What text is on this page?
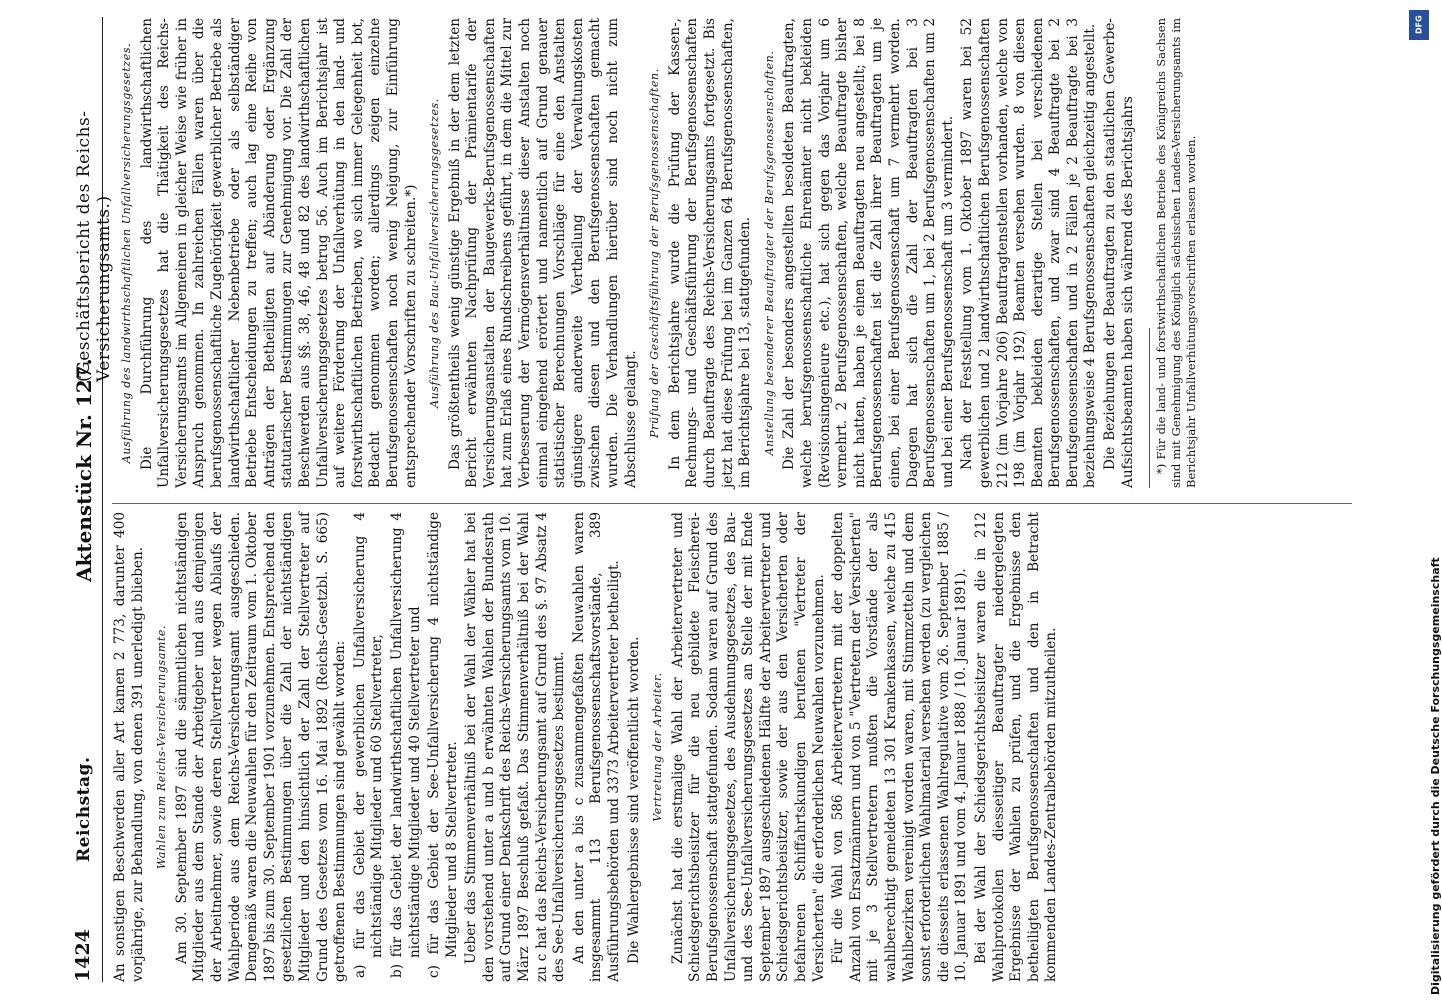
1424
Reichstag.
Aktenstück Nr. 127.
(Geschäftsbericht des Reichs-Versicherungsamts.)

An sonstigen Beschwerden aller Art kamen 2 773, darunter 400 vorjährige, zur Behandlung, von denen 391 unerledigt blieben. Wahlen zum Reichs-Versicherungsamte. Am 30. September 1897 sind die sämmtlichen nichtständigen Mitglieder aus dem Stande der Arbeitgeber und aus demjenigen der Arbeitnehmer, sowie deren Stellvertreter wegen Ablaufs der Wahlperiode aus dem Reichs-Versicherungsamt ausgeschieden. Demgemäß waren die Neuwahlen für den Zeitraum vom 1. Oktober 1897 bis zum 30. September 1901 vorzunehmen. Entsprechend den gesetzlichen Bestimmungen über die Zahl der nichtständigen Mitglieder und den hinsichtlich der Zahl der Stellvertreter auf Grund des Gesetzes vom 16. Mai 1892 (Reichs-Gesetzbl. S. 665) getroffenen Bestimmungen sind gewählt worden: a) für das Gebiet der gewerblichen Unfallversicherung 4 nichtständige Mitglieder und 60 Stellvertreter, b) für das Gebiet der landwirthschaftlichen Unfallversicherung 4 nichtständige Mitglieder und 40 Stellvertreter und c) für das Gebiet der See-Unfallversicherung 4 nichtständige Mitglieder und 8 Stellvertreter. Ueber das Stimmenverhältniß bei der Wahl der Wähler hat bei den vorstehend unter a und b erwähnten Wahlen der Bundesrath auf Grund einer Denkschrift des Reichs-Versicherungsamts vom 10. März 1897 Beschluß gefaßt. Das Stimmenverhältniß bei der Wahl zu c hat das Reichs-Versicherungsamt auf Grund des §. 97 Absatz 4 des See-Unfallversicherungsgesetzes bestimmt. An den unter a bis c zusammengefaßten Neuwahlen waren insgesammt 113 Berufsgenossenschaftsvorstände, 389 Ausführungsbehörden und 3373 Arbeitervertreter betheiligt. Die Wahlergebnisse sind veröffentlicht worden. Vertretung der Arbeiter. Zunächst hat die erstmalige Wahl der Arbeitervertreter und Schiedsgerichtsbeisitzer für die neu gebildete Fleischerei-Berufsgenossenschaft stattgefunden. Sodann waren auf Grund des Unfallversicherungsgesetzes, des Ausdehnungsgesetzes, des Bau- und des See-Unfallversicherungsgesetzes an Stelle der mit Ende September 1897 ausgeschiedenen Hälfte der Arbeitervertreter und Schiedsgerichtsbeisitzer, sowie der aus den Versicherten oder befahrenen Schiffahrtskundigen berufenen "Vertreter der Versicherten" die erforderlichen Neuwahlen vorzunehmen. Für die Wahl von 586 Arbeitervertretern mit der doppelten Anzahl von Ersatzmännern und von 5 "Vertretern der Versicherten" mit je 3 Stellvertretern mußten die Vorstände der als wahlberechtigt gemeldeten 13 301 Krankenkassen, welche zu 415 Wahlbezirken vereinigt worden waren, mit Stimmzetteln und dem sonst erforderlichen Wahlmaterial versehen werden (zu vergleichen die diesseits erlassenen Wahlregulative vom 26. September 1885 / 10. Januar 1891 und vom 4. Januar 1888 / 10. Januar 1891). Bei der Wahl der Schiedsgerichtsbeisitzer waren die in 212 Wahlprotokollen diesseitiger Beauftragter niedergelegten Ergebnisse der Wahlen zu prüfen, und die Ergebnisse den betheiligten Berufsgenossenschaften und den in Betracht kommenden Landes-Zentralbehörden mitzutheilen.

Ausführung des landwirthschaftlichen Unfallversicherungsgesetzes. Die Durchführung des landwirthschaftlichen Unfallversicherungsgesetzes hat die Thätigkeit des Reichs-Versicherungsamts im Allgemeinen in gleicher Weise wie früher in Anspruch genommen. In zahlreichen Fällen waren über die berufsgenossenschaftliche Zugehörigkeit gewerblicher Betriebe als landwirthschaftlicher Nebenbetriebe oder als selbständiger Betriebe Entscheidungen zu treffen; auch lag eine Reihe von Anträgen der Betheiligten auf Abänderung oder Ergänzung statutarischer Bestimmungen zur Genehmigung vor. Die Zahl der Beschwerden aus §§. 38, 46, 48 und 82 des landwirthschaftlichen Unfallversicherungsgesetzes betrug 56. Auch im Berichtsjahr ist auf weitere Förderung der Unfallverhütung in den land- und forstwirthschaftlichen Betrieben, wo sich immer Gelegenheit bot, Bedacht genommen worden; allerdings zeigen einzelne Berufsgenossenschaften noch wenig Neigung, zur Einführung entsprechender Vorschriften zu schreiten.*) Ausführung des Bau-Unfallversicherungsgesetzes. Das größtentheils wenig günstige Ergebniß in der dem letzten Bericht erwähnten Nachprüfung der Prämientarife der Versicherungsanstalten der Baugewerks-Berufsgenossenschaften hat zum Erlaß eines Rundschreibens geführt, in dem die Mittel zur Verbesserung der Vermögensverhältnisse dieser Anstalten noch einmal eingehend erörtert und namentlich auf Grund genauer statistischer Berechnungen Vorschläge für eine den Anstalten günstigere anderweite Vertheilung der Verwaltungskosten zwischen diesen und den Berufsgenossenschaften gemacht wurden. Die Verhandlungen hierüber sind noch nicht zum Abschlusse gelangt. Prüfung der Geschäftsführung der Berufsgenossenschaften. In dem Berichtsjahre wurde die Prüfung der Kassen-, Rechnungs- und Geschäftsführung der Berufsgenossenschaften durch Beauftragte des Reichs-Versicherungsamts fortgesetzt. Bis jetzt hat diese Prüfung bei im Ganzen 64 Berufsgenossenschaften, im Berichtsjahre bei 13, stattgefunden. Anstellung besonderer Beauftragter der Berufsgenossenschaften. Die Zahl der besonders angestellten besoldeten Beauftragten, welche berufsgenossenschaftliche Ehrenämter nicht bekleiden (Revisionsingenieure etc.), hat sich gegen das Vorjahr um 6 vermehrt. 2 Berufsgenossenschaften, welche Beauftragte bisher nicht hatten, haben je einen Beauftragten neu angestellt; bei 8 Berufsgenossenschaften ist die Zahl ihrer Beauftragten um je einen, bei einer Berufsgenossenschaft um 7 vermehrt worden. Dagegen hat sich die Zahl der Beauftragten bei 3 Berufsgenossenschaften um 1, bei 2 Berufsgenossenschaften um 2 und bei einer Berufsgenossenschaft um 3 vermindert. Nach der Feststellung vom 1. Oktober 1897 waren bei 52 gewerblichen und 2 landwirthschaftlichen Berufsgenossenschaften 212 (im Vorjahre 206) Beauftragtenstellen vorhanden, welche von 198 (im Vorjahr 192) Beamten versehen wurden. 8 von diesen Beamten bekleiden derartige Stellen bei verschiedenen Berufsgenossenschaften, und zwar sind 4 Beauftragte bei 2 Berufsgenossenschaften und in 2 Fällen je 2 Beauftragte bei 3 beziehungsweise 4 Berufsgenossenschaften gleichzeitig angestellt. Die Beziehungen der Beauftragten zu den staatlichen Gewerbe-Aufsichtsbeamten haben sich während des Berichtsjahrs *) Für die land- und forstwirthschaftlichen Betriebe des Königreichs Sachsen sind mit Genehmigung des Königlich sächsischen Landes-Versicherungsamts im Berichtsjahr Unfallverhütungsvorschriften erlassen worden.

DFG
Digitalisierung gefördert durch die Deutsche Forschungsgemeinschaft
